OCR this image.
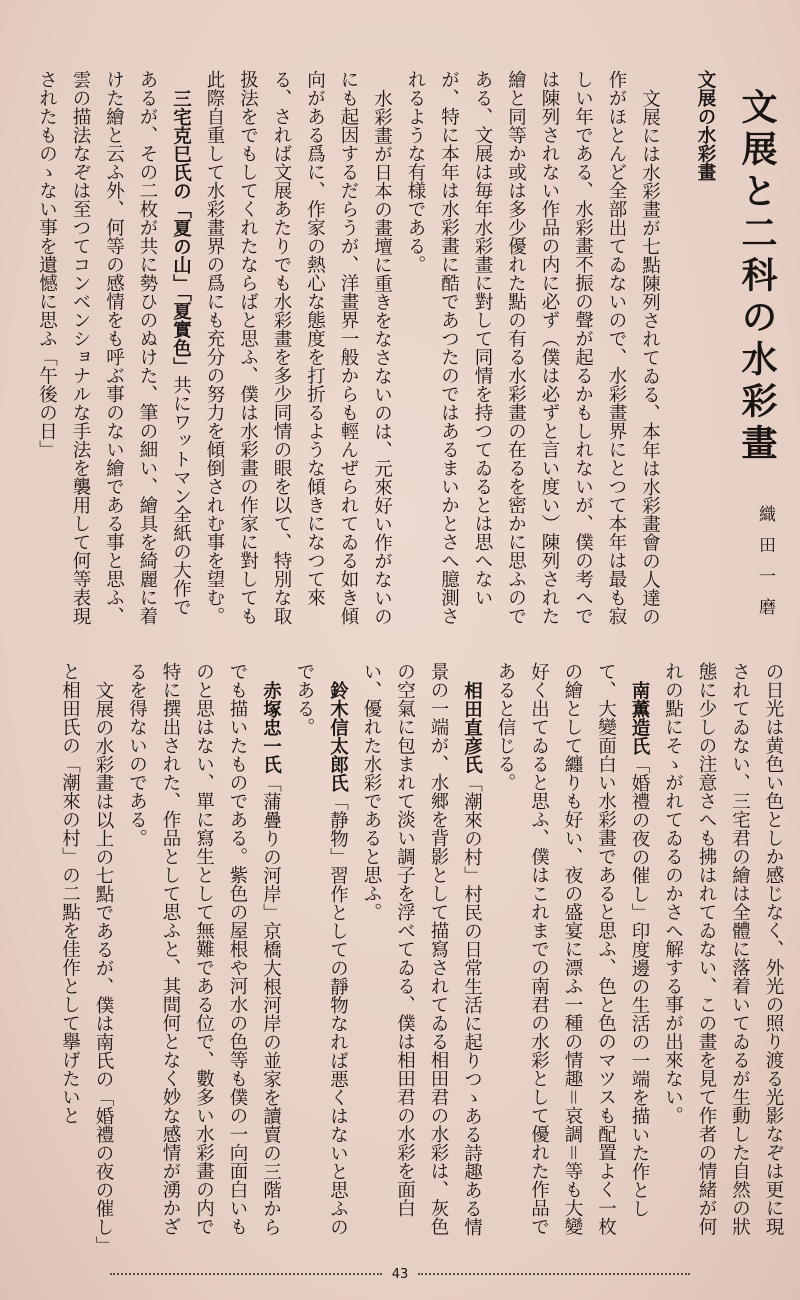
文展と二科の水彩畫
織田一磨
文展の水彩畫

文展には水彩畫が七點陳列されてゐる、本年は水彩畫會の人達の作がほとんど全部出てゐないので、水彩畫界にとつて本年は最も寂しい年である、水彩畫不振の聲が起るかもしれないが、僕の考へでは陳列されない作品の内に必ず（僕は必ずと言い度い）陳列された繪と同等か或は多少優れた點の有る水彩畫の在るを密かに思ふのである、文展は毎年水彩畫に對して同情を持つてゐるとは思へないが、特に本年は水彩畫に酷であつたのではあるまいかとさへ臆測されるような有様である。

水彩畫が日本の畫壇に重きをなさないのは、元來好い作がないのにも起因するだらうが、洋畫界一般からも輕んぜられてゐる如き傾向がある爲に、作家の熱心な態度を打折るような傾きになつて來る、されば文展あたりでも水彩畫を多少同情の眼を以て、特別な取扱法をでもしてくれたならばと思ふ、僕は水彩畫の作家に對しても此際自重して水彩畫界の爲にも充分の努力を傾倒されむ事を望む。

三宅克巳氏の「夏の山」「夏實色」共にワットマン全紙の大作であるが、その二枚が共に勢ひのぬけた、筆の細い、繪具を綺麗に着けた繪と云ふ外、何等の感情をも呼ぶ事のない繪である事と思ふ、雲の描法なぞは至つてコンベンショナルな手法を襲用して何等表現されたものゝない事を遺憾に思ふ「午後の日」

の日光は黄色い色としか感じなく、外光の照り渡る光影なぞは更に現されてゐない、三宅君の繪は全體に落着いてゐるが生動した自然の狀態に少しの注意さへも拂はれてゐない、この畫を見て作者の情緒が何れの點にそゝがれてゐるのかさへ解する事が出來ない。

南薫造氏「婚禮の夜の催し」印度邊の生活の一端を描いた作として、大變面白い水彩畫であると思ふ、色と色のマツスも配置よく一枚の繪として纏りも好い、夜の盛宴に漂ふ一種の情趣＝哀調＝等も大變好く出てゐると思ふ、僕はこれまでの南君の水彩として優れた作品であると信じる。

相田直彦氏「潮來の村」村民の日常生活に起りつゝある詩趣ある情景の一端が、水郷を背影として描寫されてゐる相田君の水彩は、灰色の空氣に包まれて淡い調子を浮べてゐる、僕は相田君の水彩を面白い、優れた水彩であると思ふ。

鈴木信太郎氏「静物」習作としての靜物なれば悪くはないと思ふのである。

赤塚忠一氏「蒲疊りの河岸」京橋大根河岸の並家を讀賣の三階からでも描いたものである。紫色の屋根や河水の色等も僕の一向面白いものと思はない、單に寫生として無難である位で、數多い水彩畫の内で特に撰出された、作品として思ふと、其間何となく妙な感情が湧かざるを得ないのである。

文展の水彩畫は以上の七點であるが、僕は南氏の「婚禮の夜の催し」と相田氏の「潮來の村」の二點を佳作として擧げたいと

43
